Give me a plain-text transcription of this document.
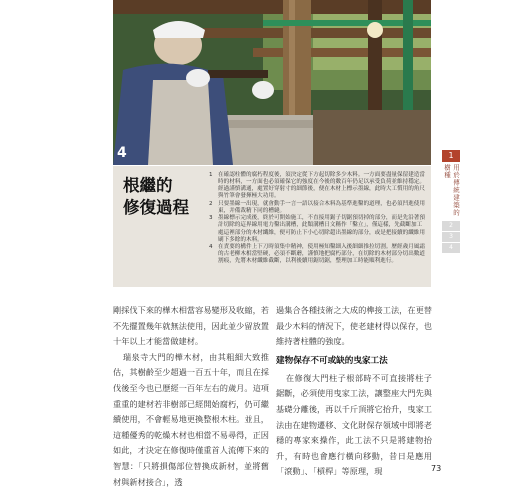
4	1
用於傳統建築的樹種
2
3
4
根繼的
修復過程
1 在確認柱體的腐朽程度後，須決定從下方起切除多少木料。一方面要盡量保留建造當時的材料，一方面也必須確保它的強度在今後的數百年仍足以承受負荷並維持穩定。經過謹慎溝通，處置好穿射寸的細節後，便在木材上標示墨線，此時大工慣用的角尺與竹筆會發揮極大功用。
2 只要墨線一出現，就會動手一言一語以接合木料為基準進鑿的道理，也必須凹進使用東，并備裁精下同的槽縫。
3 墨線標示完成後，終於可開始施工，不直接用鋸子切鋸預切掉的部分，而是先沿著預計切除的這界線用電力鑿出溝槽，此類溝槽日文稱作「鑿立」，僅這樣，先截斷加工處這裡部分的木材纖維，便可防止下小心切除超出墨線的部分，或是把接續的纖維用刷下多餘的木料。
4 在責要的構件上下刀時須集中精神，使用極知鑿細入後細細推拉切割。歷經歲月風霜的古老柳木相當堅硬，必須不斷蘑，謹慎地把腐朽部分，在切除的木材部分切出數道割痕，先將木材纖維截斷，以利後續用鋸切鋸，整理加工時能順利進行。

剛採伐下來的樺木相當容易變形及收縮，若不先擺置幾年就無法使用，因此並少留放置十年以上才能當做建材。

瑞泉寺大門的樺木材，由其粗細大致推估，其樹齡至少超過一百五十年，而且在採伐後至今也已歷經一百年左右的歲月。這項重重的建材若非樹部已經開始腐朽，仍可繼續使用，不會輕易地更換整根木柱。並且，這種優秀的乾燥木材也相當不易尋得，正因如此，才決定在修復時僅重首人流傳下來的智慧：「只將損傷部位替換成新材，並將舊材與新材接合」，透

過集合各種技術之大成的榫接工法，在更替最少木料的情況下，使老建材得以保存，也維持著柱體的強度。

建物保存不可或缺的曳家工法

在修復大門柱子根部時不可直接將柱子鋸斷，必須使用曳家工法，讓整座大門先與基礎分離後，再以千斤頂將它抬升，曳家工法由在建物遷移、文化財保存領域中即將老穩的專家來操作，此工法不只是將建物抬升，有時也會應行橫向移動，昔日是應用「滾動」、「槓桿」等原理，現	73
